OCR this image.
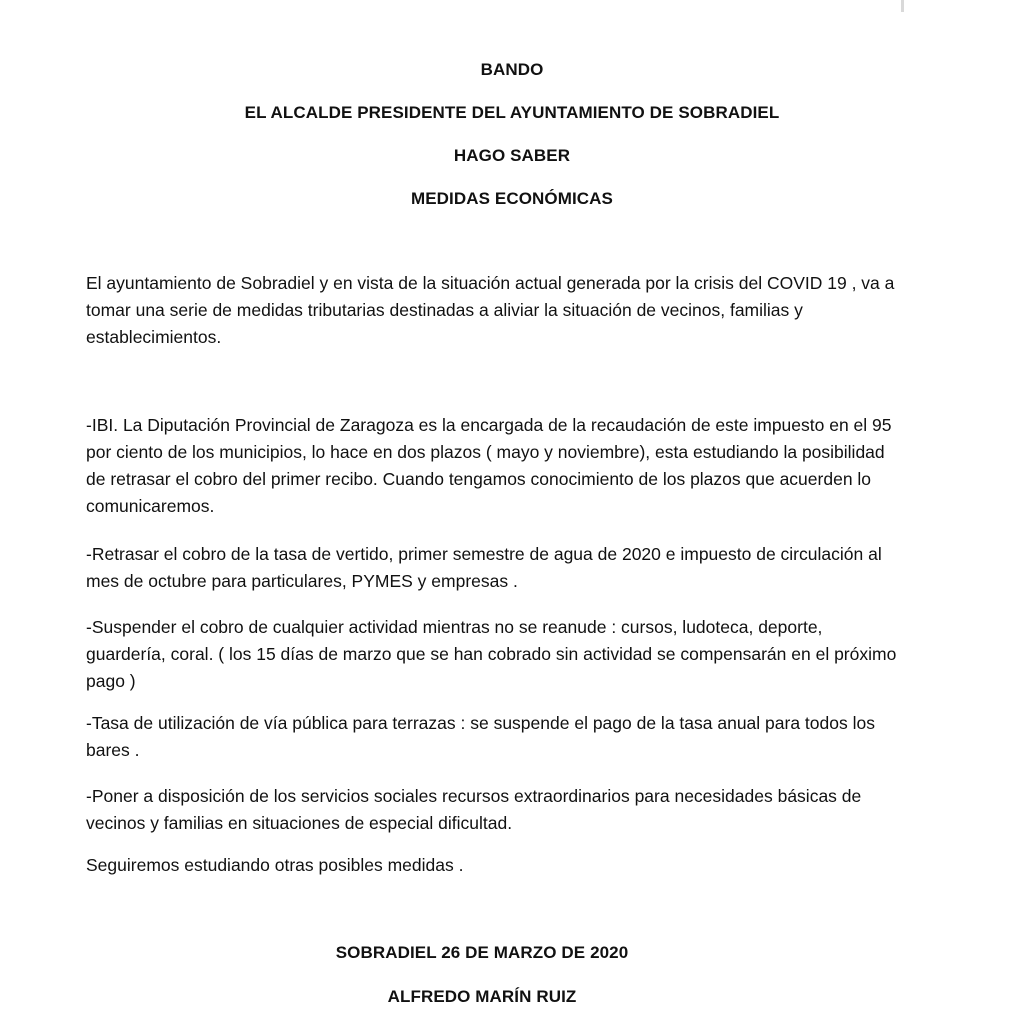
BANDO
EL ALCALDE PRESIDENTE DEL AYUNTAMIENTO DE SOBRADIEL
HAGO SABER
MEDIDAS ECONÓMICAS

El ayuntamiento de Sobradiel y en vista de la situación actual generada por la crisis del COVID 19 , va a tomar una serie de medidas tributarias destinadas a aliviar la situación de vecinos, familias y establecimientos.

-IBI. La Diputación Provincial de Zaragoza es la encargada de la recaudación de este impuesto en el 95 por ciento de los municipios, lo hace en dos plazos ( mayo y noviembre), esta estudiando la posibilidad de retrasar el cobro del primer recibo. Cuando tengamos conocimiento de los plazos que acuerden lo comunicaremos.

-Retrasar el cobro de la tasa de vertido, primer semestre de agua de 2020 e impuesto de circulación al mes de octubre para particulares, PYMES y empresas .

-Suspender el cobro de cualquier actividad mientras no se reanude : cursos, ludoteca, deporte, guardería, coral. ( los 15 días de marzo que se han cobrado sin actividad se compensarán en el próximo pago )

-Tasa de utilización de vía pública para terrazas : se suspende el pago de la tasa anual para todos los bares .

-Poner a disposición de los servicios sociales recursos extraordinarios para necesidades básicas de vecinos y familias en situaciones de especial dificultad.

Seguiremos estudiando otras posibles medidas .

SOBRADIEL 26 DE MARZO DE 2020
ALFREDO MARÍN RUIZ
